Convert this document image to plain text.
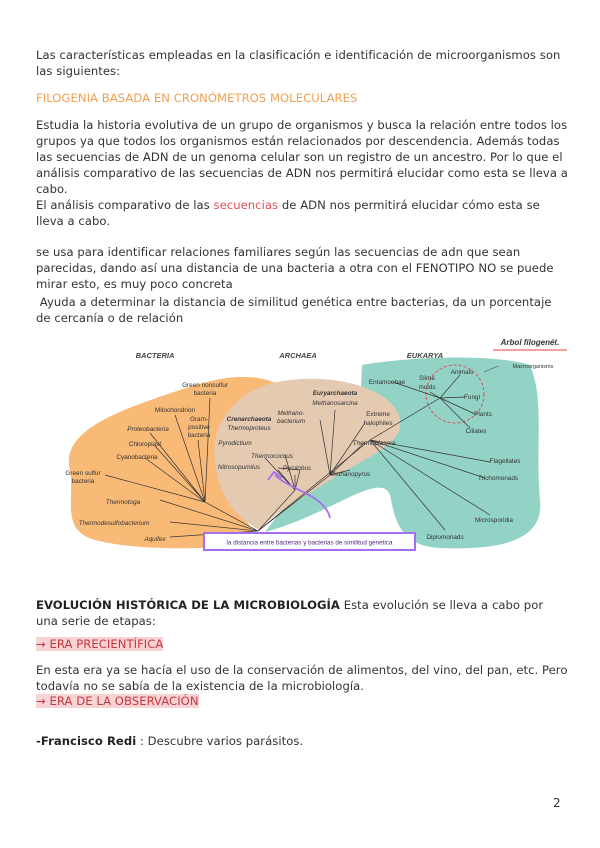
Las características empleadas en la clasificación e identificación de microorganismos son las siguientes:
FILOGENIA BASADA EN CRONÓMETROS MOLECULARES
Estudia la historia evolutiva de un grupo de organismos y busca la relación entre todos los grupos ya que todos los organismos están relacionados por descendencia. Además todas las secuencias de ADN de un genoma celular son un registro de un ancestro. Por lo que el análisis comparativo de las secuencias de ADN nos permitirá elucidar como esta se lleva a cabo.
El análisis comparativo de las secuencias de ADN nos permitirá elucidar cómo esta se lleva a cabo.
se usa para identificar relaciones familiares según las secuencias de adn que sean parecidas, dando así una distancia de una bacteria a otra con el FENOTIPO NO se puede mirar esto, es muy poco concreta
Ayuda a determinar la distancia de similitud genética entre bacterias, da un porcentaje de cercanía o de relación
BACTERIA	ARCHAEA	EUKARYA
Arbol filogenét.
Green nonsulfur
bacteria
Mitochondrion
Gram-
positive
bacteria
Proteobacteria
Chloroplast
Cyanobacteria
Green sulfur
bacteria
Thermotoga
Thermodesulfobacterium
Aquifex
Crenarchaeota
Thermoproteus
Pyrodictium
Thermococcus
Nitrosopumilus	Pyrolobus
Methano-
bacterium
Euryarchaeota
Methanosarcina
Extreme
halophiles
Thermoplasma
Methanopyrus
Entamoebae
Slime
molds
Animals
Fungi
Plants
Ciliates
Macroorganisms
Flagellates
Trichomonads
Microsporidia
Diplomonads
la distancia entre bacterias y bacterias de similitud genetica
EVOLUCIÓN HISTÓRICA DE LA MICROBIOLOGÍA Esta evolución se lleva a cabo por una serie de etapas:
→ ERA PRECIENTÍFICA
En esta era ya se hacía el uso de la conservación de alimentos, del vino, del pan, etc. Pero todavía no se sabía de la existencia de la microbiología.
→ ERA DE LA OBSERVACIÓN
-Francisco Redi : Descubre varios parásitos.
2
